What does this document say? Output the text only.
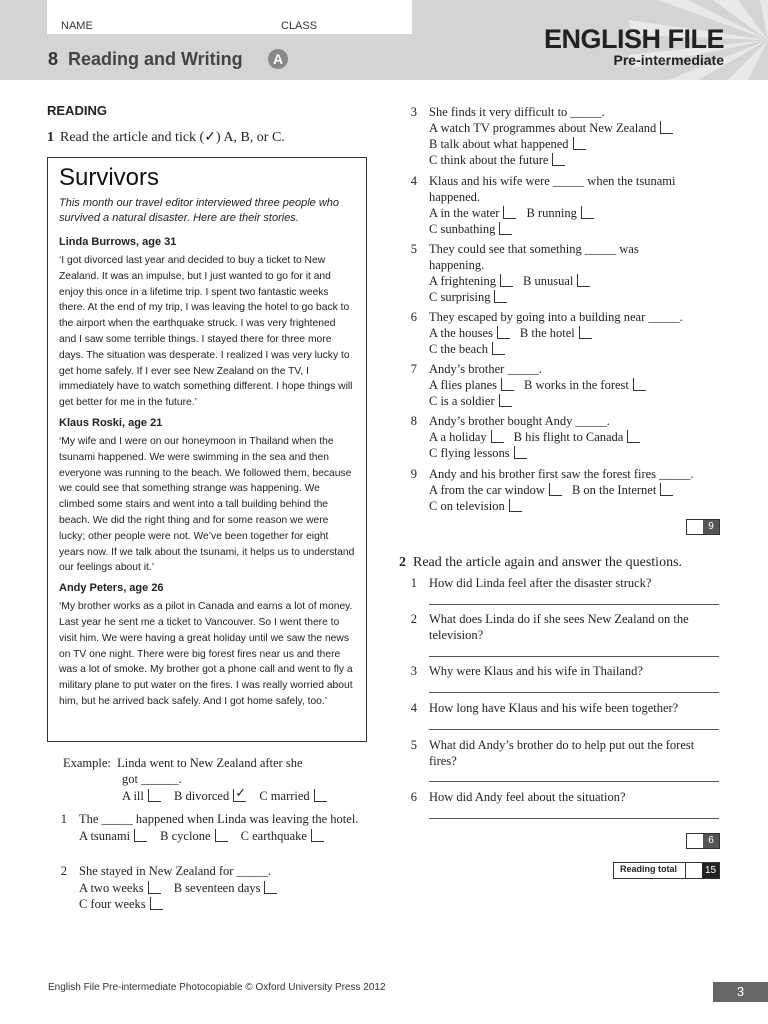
NAME	CLASS
8 Reading and Writing	A
ENGLISH FILE
Pre-intermediate
READING
1 Read the article and tick (✓) A, B, or C.
Survivors
This month our travel editor interviewed three people who survived a natural disaster. Here are their stories.
Linda Burrows, age 31
‘I got divorced last year and decided to buy a ticket to New Zealand. It was an impulse, but I just wanted to go for it and enjoy this once in a lifetime trip. I spent two fantastic weeks there. At the end of my trip, I was leaving the hotel to go back to the airport when the earthquake struck. I was very frightened and I saw some terrible things. I stayed there for three more days. The situation was desperate. I realized I was very lucky to get home safely. If I ever see New Zealand on the TV, I immediately have to watch something different. I hope things will get better for me in the future.’
Klaus Roski, age 21
‘My wife and I were on our honeymoon in Thailand when the tsunami happened. We were swimming in the sea and then everyone was running to the beach. We followed them, because we could see that something strange was happening. We climbed some stairs and went into a tall building behind the beach. We did the right thing and for some reason we were lucky; other people were not. We’ve been together for eight years now. If we talk about the tsunami, it helps us to understand our feelings about it.’
Andy Peters, age 26
‘My brother works as a pilot in Canada and earns a lot of money. Last year he sent me a ticket to Vancouver. So I went there to visit him. We were having a great holiday until we saw the news on TV one night. There were big forest fires near us and there was a lot of smoke. My brother got a phone call and went to fly a military plane to put water on the fires. I was really worried about him, but he arrived back safely. And I got home safely, too.’
Example: Linda went to New Zealand after she
got ______.
A ill B divorced✓ C married
1 The _____ happened when Linda was leaving the hotel.
A tsunami B cyclone C earthquake
2 She stayed in New Zealand for _____.
A two weeks B seventeen days
C four weeks
3 She finds it very difficult to _____.
A watch TV programmes about New Zealand
B talk about what happened
C think about the future
4 Klaus and his wife were _____ when the tsunami happened.
A in the water B running
C sunbathing
5 They could see that something _____ was happening.
A frightening B unusual
C surprising
6 They escaped by going into a building near _____.
A the houses B the hotel
C the beach
7 Andy’s brother _____.
A flies planes B works in the forest
C is a soldier
8 Andy’s brother bought Andy _____.
A a holiday B his flight to Canada
C flying lessons
9 Andy and his brother first saw the forest fires _____.
A from the car window B on the Internet
C on television
9
2 Read the article again and answer the questions.
1 How did Linda feel after the disaster struck?
2 What does Linda do if she sees New Zealand on the television?
3 Why were Klaus and his wife in Thailand?
4 How long have Klaus and his wife been together?
5 What did Andy’s brother do to help put out the forest fires?
6 How did Andy feel about the situation?
6
Reading total	15
English File Pre-intermediate Photocopiable © Oxford University Press 2012	3
